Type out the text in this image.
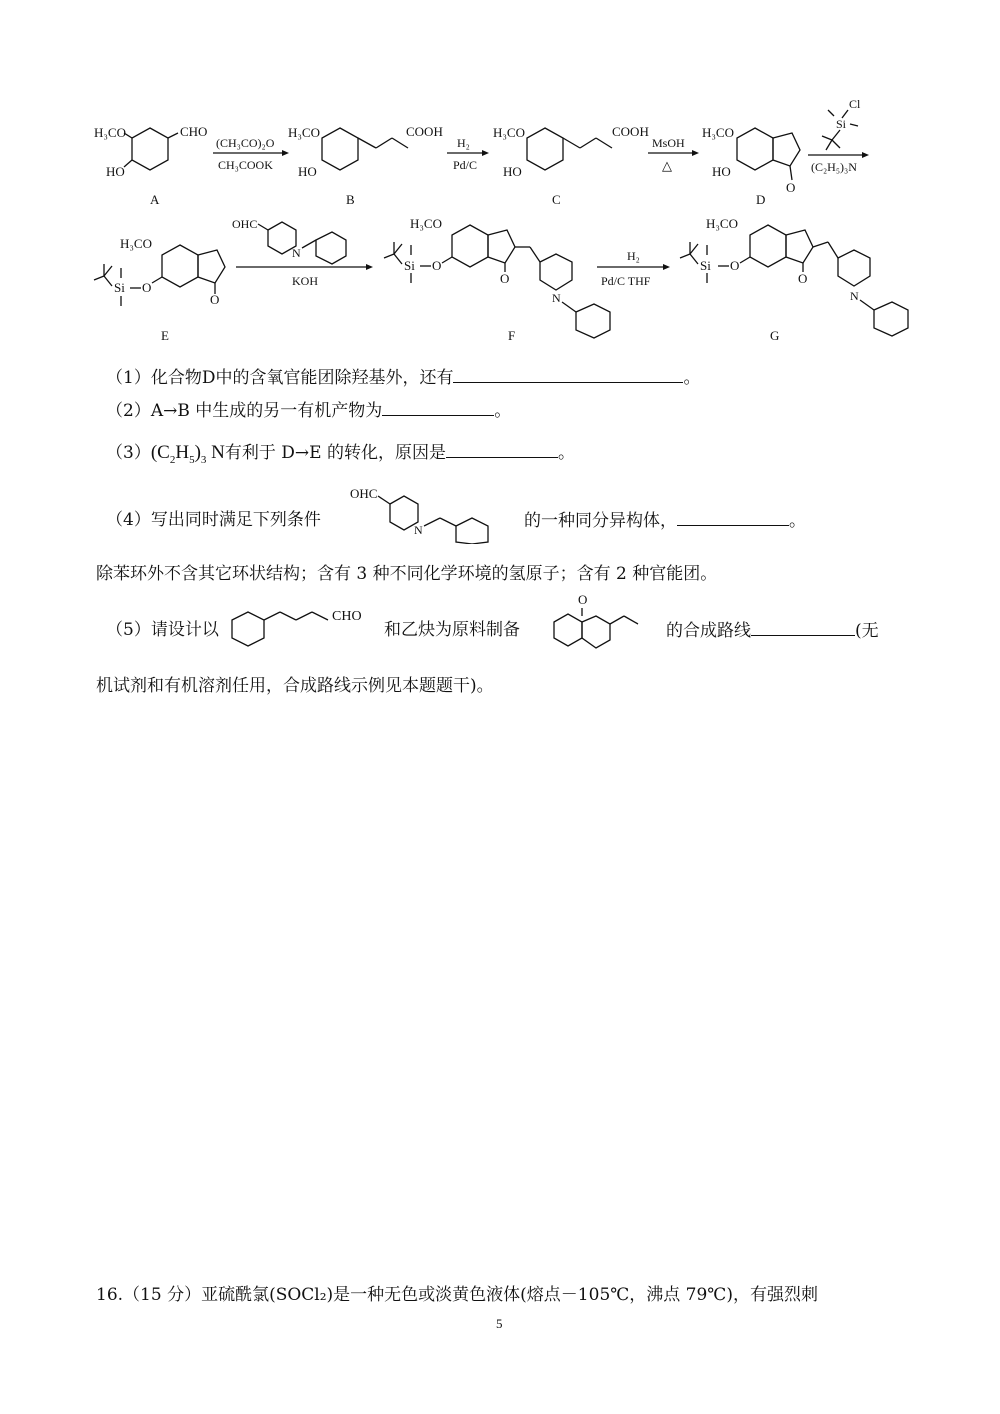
H₃CO
HO
CHO
A
(CH₃CO)₂O
CH₃COOK
H₃CO
HO
COOH
B
H₂
Pd/C
H₃CO
HO
COOH
C
MsOH
△
H₃CO
HO
O
D
Cl
Si
(C₂H₅)₃N
O
H₃CO
O
Si
E
OHC
N
KOH	O
H₃CO
O
Si
N
F
H₂
Pd/C THF	O
H₃CO
O
Si
N
G
（1）化合物D中的含氧官能团除羟基外，还有	。
（2）A→B 中生成的另一有机产物为	。
$(3)(C_2H_5)_3$ N有利于 D→E 的转化，原因是	。
（4）写出同时满足下列条件
OHC
N	的一种同分异构体，	。
除苯环外不含其它环状结构；含有 3 种不同化学环境的氢原子；含有 2 种官能团。
（5）请设计以
CHO
和乙炔为原料制备
O
的合成路线	(无
机试剂和有机溶剂任用，合成路线示例见本题题干)。
16.（15 分）亚硫酰氯(SOCl₂)是一种无色或淡黄色液体(熔点－105℃，沸点 79℃)，有强烈刺
5
